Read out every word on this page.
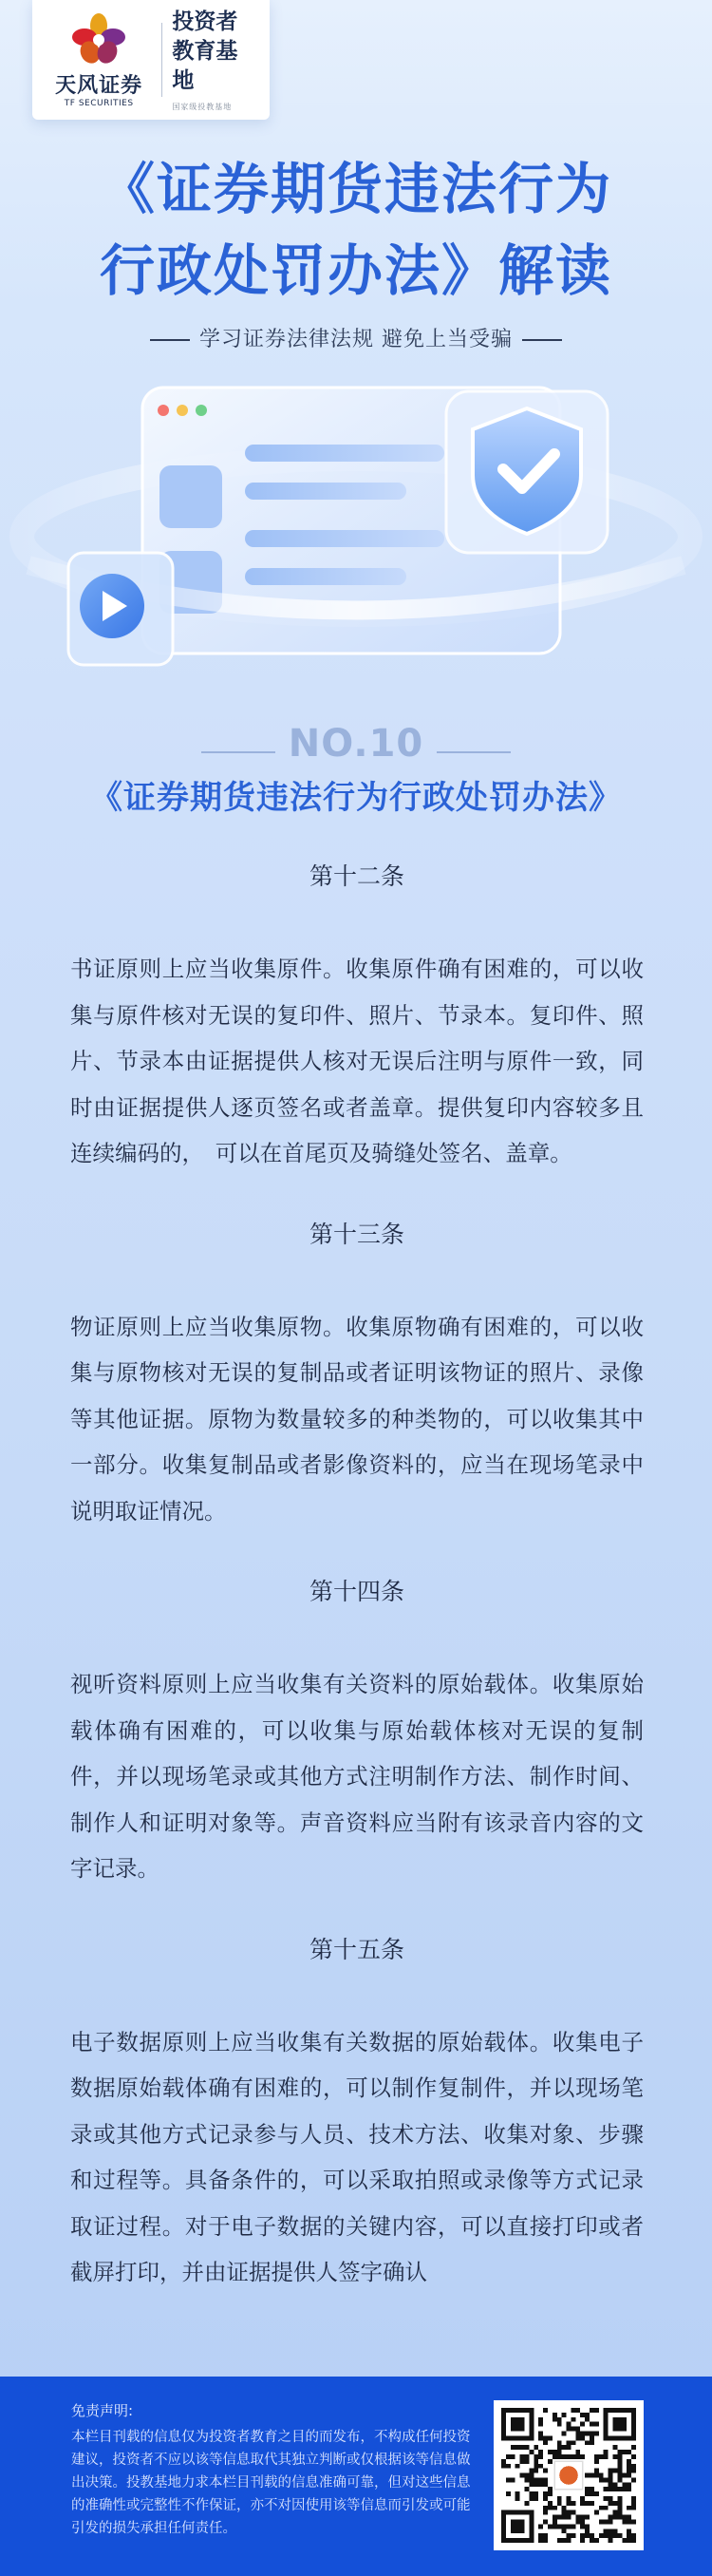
天风证券
TF SECURITIES
投资者
教育基地
国家级投教基地
《证券期货违法行为
行政处罚办法》解读
学习证券法律法规 避免上当受骗
NO.10
《证券期货违法行为行政处罚办法》
第十二条
书证原则上应当收集原件。收集原件确有困难的，可以收集与原件核对无误的复印件、照片、节录本。复印件、照片、节录本由证据提供人核对无误后注明与原件一致，同时由证据提供人逐页签名或者盖章。提供复印内容较多且连续编码的，　可以在首尾页及骑缝处签名、盖章。
第十三条
物证原则上应当收集原物。收集原物确有困难的，可以收集与原物核对无误的复制品或者证明该物证的照片、录像等其他证据。原物为数量较多的种类物的，可以收集其中一部分。收集复制品或者影像资料的，应当在现场笔录中说明取证情况。
第十四条
视听资料原则上应当收集有关资料的原始载体。收集原始载体确有困难的，可以收集与原始载体核对无误的复制件，并以现场笔录或其他方式注明制作方法、制作时间、制作人和证明对象等。声音资料应当附有该录音内容的文字记录。
第十五条
电子数据原则上应当收集有关数据的原始载体。收集电子数据原始载体确有困难的，可以制作复制件，并以现场笔录或其他方式记录参与人员、技术方法、收集对象、步骤和过程等。具备条件的，可以采取拍照或录像等方式记录取证过程。对于电子数据的关键内容，可以直接打印或者截屏打印，并由证据提供人签字确认
免责声明:
本栏目刊载的信息仅为投资者教育之目的而发布，不构成任何投资建议，投资者不应以该等信息取代其独立判断或仅根据该等信息做出决策。投教基地力求本栏目刊载的信息准确可靠，但对这些信息的准确性或完整性不作保证，亦不对因使用该等信息而引发或可能引发的损失承担任何责任。
